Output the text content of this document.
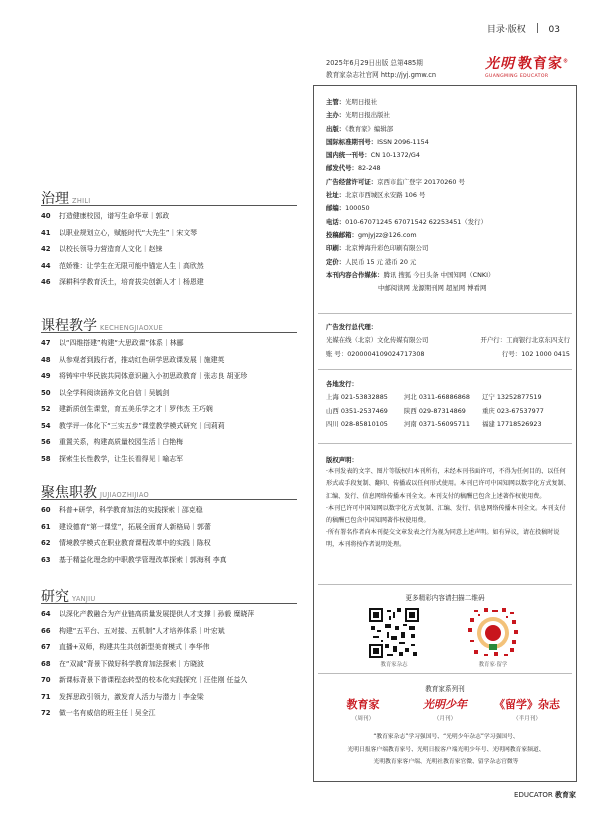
目录·版权	03
2025年6月29日出版 总第485期
教育家杂志社官网 http://jyj.gmw.cn
光明 教育家®
GUANGMING EDUCATOR
主管：光明日报社
主办：光明日报出版社
出版：《教育家》编辑部
国际标准期刊号：ISSN 2096-1154
国内统一刊号：CN 10-1372/G4
邮发代号：82-248
广告经营许可证：京西市监广登字 20170260 号
社址：北京市西城区永安路 106 号
邮编：100050
电话：010-67071245 67071542 62253451（发行）
投稿邮箱：gmjyjzz@126.com
印刷：北京博海升彩色印刷有限公司
定价：人民币 15 元 港币 20 元
本刊内容合作媒体：腾讯 搜狐 今日头条 中国知网（CNKI）
中邮阅读网 龙源期刊网 超星网 博看网
广告发行总代理：
光媒在线（北京）文化传媒有限公司	开户行：工商银行北京东四支行
账 号：0200004109024717308	行号：102 1000 0415
各地发行：
上海 021-53832885	河北 0311-66886868	辽宁 13252877519
山西 0351-2537469	陕西 029-87314869	重庆 023-67537977
四川 028-85810105	河南 0371-56095711	福建 17718526923
版权声明：

·本刊发表的文字、图片等版权归本刊所有，未经本刊书面许可，不得为任何目的、以任何形式或手段复制、翻印、传播或以任何形式使用。本刊已许可中国知网以数字化方式复制、汇编、发行、信息网络传播本刊全文。本刊支付的稿酬已包含上述著作权使用费。

·本刊已许可中国知网以数字化方式复制、汇编、发行、信息网络传播本刊全文。本刊支付的稿酬已包含中国知网著作权使用费。

·所有署名作者向本刊提交文章发表之行为视为同意上述声明。如有异议，请在投稿时说明，本刊将按作者说明处理。

更多精彩内容请扫描二维码
教育家杂志	教育家·留学
教育家系列刊
教育家
（周刊）
光明少年
（月刊）
《留学》杂志
（半月刊）
“教育家杂志”学习强国号、“光明少年杂志”学习强国号、
光明日报客户端教育家号、光明日报客户端光明少年号、光明网教育家频道、
光明教育家客户端、光明社教育家官微、留学杂志官微等
EDUCATOR 教育家
治理 ZHILI
40	打造健康校园，谱写生命华章｜郭政
41	以职业规划立心，赋能时代“大先生”｜宋文琴
42	以校长领导力营造育人文化｜赵铼
44	范娇雅：让学生在无限可能中锚定人生｜高欣然
46	深耕科学教育沃土，培育拔尖创新人才｜杨恩建
课程教学 KECHENGJIAOXUE
47	以“四维搭建”构建“大思政课”体系｜林郦
48	从参观者到践行者，推动红色研学思政课发展｜施建英
49	将铸牢中华民族共同体意识融入小初思政教育｜张志良 胡亚珍
50	以全学科阅读涵养文化自信｜吴毓剑
52	建新质创生课堂，育五美乐学之才｜罗伟杰 王巧娴
54	教学评一体化下“三实五步”课堂教学模式研究｜闫莉莉
56	重置关系，构建高质量校园生活｜白艳梅
58	探索生长性教学，让生长看得见｜喻志军
聚焦职教 JUJIAOZHIJIAO
60	科普+研学，科学教育加法的实践探索｜邵克稳
61	建设德育“第一课堂”，拓展全面育人新格局｜郭蕾
62	情境教学模式在职业教育课程改革中的实践｜陈权
63	基于精益化理念的中职教学管理改革探索｜郭海利 李真
研究 YANJIU
64	以深化产教融合为产业链高质量发展提供人才支撑｜孙毅 糜晓萍
66	构建“五平台、五对接、五机制”人才培养体系｜叶宏斌
67	直播+双师，构建共生共创新型美育模式｜李华伟
68	在“双减”背景下做好科学教育加法探索｜方晓波
70	新课标背景下普课程态转型的校本化实践探究｜汪佳刚 任益久
71	发挥思政引领力，激发育人活力与潜力｜李金梁
72	做一名有威信的班主任｜吴全江
